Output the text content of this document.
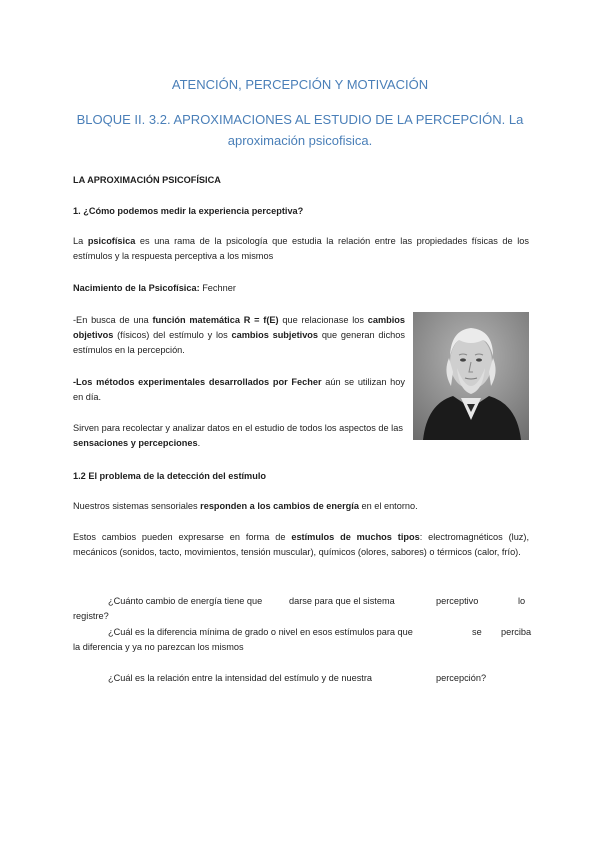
ATENCIÓN, PERCEPCIÓN Y MOTIVACIÓN
BLOQUE II. 3.2. APROXIMACIONES AL ESTUDIO DE LA PERCEPCIÓN. La
aproximación psicofisica.
LA APROXIMACIÓN PSICOFÍSICA
1. ¿Cómo podemos medir la experiencia perceptiva?
La psicofísica es una rama de la psicología que estudia la relación entre las propiedades físicas de los estímulos y la respuesta perceptiva a los mismos
Nacimiento de la Psicofísica: Fechner
-En busca de una función matemática R = f(E) que relacionase los cambios objetivos (físicos) del estímulo y los cambios subjetivos que generan dichos estímulos en la percepción.
-Los métodos experimentales desarrollados por Fecher aún se utilizan hoy en día.
Sirven para recolectar y analizar datos en el estudio de todos los aspectos de las sensaciones y percepciones.
1.2 El problema de la detección del estímulo
Nuestros sistemas sensoriales responden a los cambios de energía en el entorno.
Estos cambios pueden expresarse en forma de estímulos de muchos tipos: electromagnéticos (luz), mecánicos (sonidos, tacto, movimientos, tensión muscular), químicos (olores, sabores) o térmicos (calor, frío).
¿Cuánto cambio de energía tiene que	darse para que el sistema	perceptivo	lo
registre?
¿Cuál es la diferencia mínima de grado o nivel en esos estímulos para que	se perciba
la diferencia y ya no parezcan los mismos
¿Cuál es la relación entre la intensidad del estímulo y de nuestra	percepción?
